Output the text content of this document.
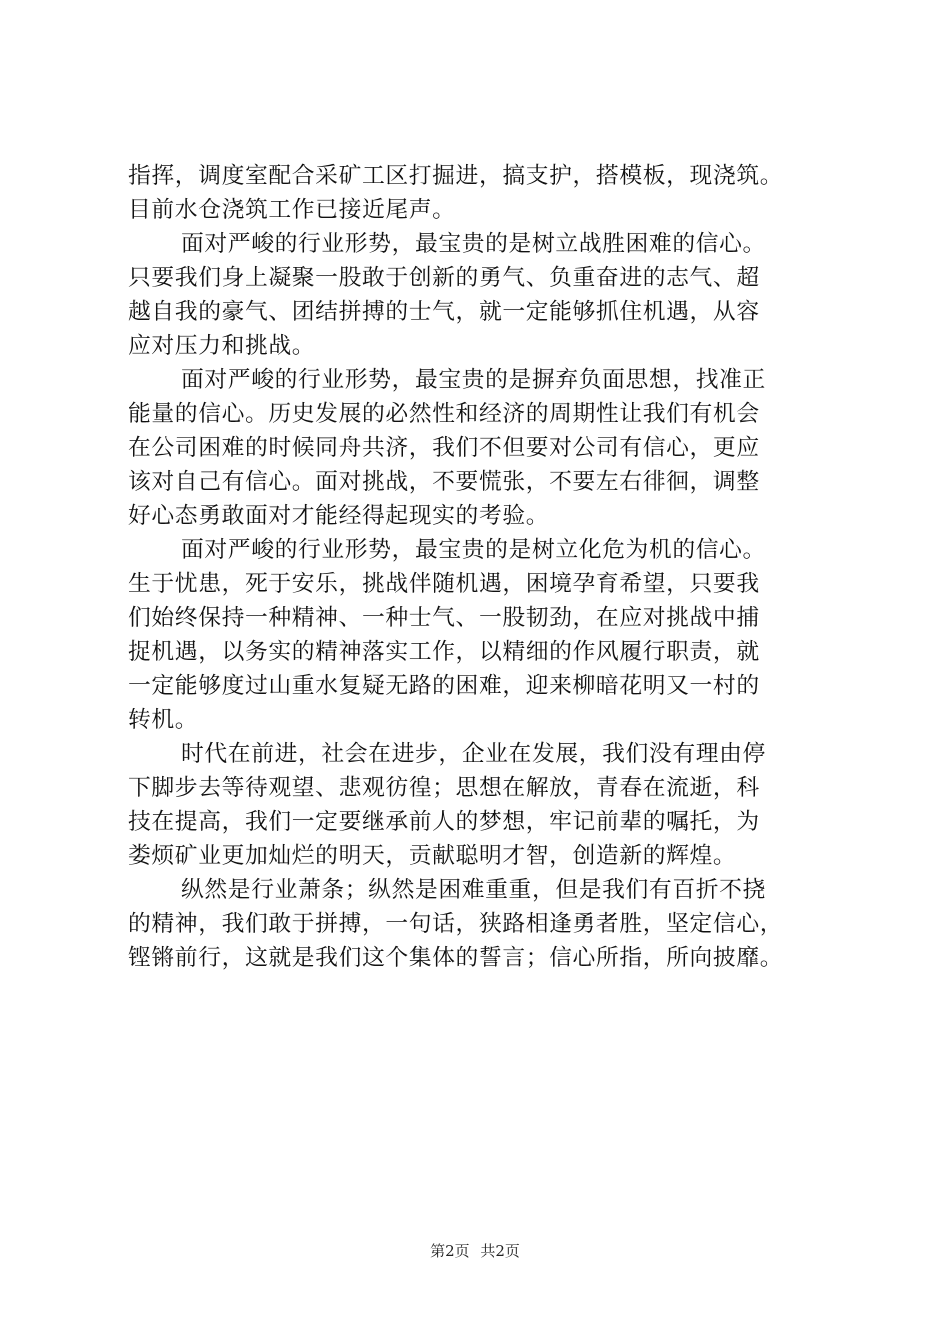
指挥，调度室配合采矿工区打掘进，搞支护，搭模板，现浇筑。
目前水仓浇筑工作已接近尾声。
面对严峻的行业形势，最宝贵的是树立战胜困难的信心。
只要我们身上凝聚一股敢于创新的勇气、负重奋进的志气、超
越自我的豪气、团结拼搏的士气，就一定能够抓住机遇，从容
应对压力和挑战。
面对严峻的行业形势，最宝贵的是摒弃负面思想，找准正
能量的信心。历史发展的必然性和经济的周期性让我们有机会
在公司困难的时候同舟共济，我们不但要对公司有信心，更应
该对自己有信心。面对挑战，不要慌张，不要左右徘徊，调整
好心态勇敢面对才能经得起现实的考验。
面对严峻的行业形势，最宝贵的是树立化危为机的信心。
生于忧患，死于安乐，挑战伴随机遇，困境孕育希望，只要我
们始终保持一种精神、一种士气、一股韧劲，在应对挑战中捕
捉机遇，以务实的精神落实工作，以精细的作风履行职责，就
一定能够度过山重水复疑无路的困难，迎来柳暗花明又一村的
转机。
时代在前进，社会在进步，企业在发展，我们没有理由停
下脚步去等待观望、悲观彷徨；思想在解放，青春在流逝，科
技在提高，我们一定要继承前人的梦想，牢记前辈的嘱托，为
娄烦矿业更加灿烂的明天，贡献聪明才智，创造新的辉煌。
纵然是行业萧条；纵然是困难重重，但是我们有百折不挠
的精神，我们敢于拼搏，一句话，狭路相逢勇者胜，坚定信心，
铿锵前行，这就是我们这个集体的誓言；信心所指，所向披靡。
第2页 共2页
